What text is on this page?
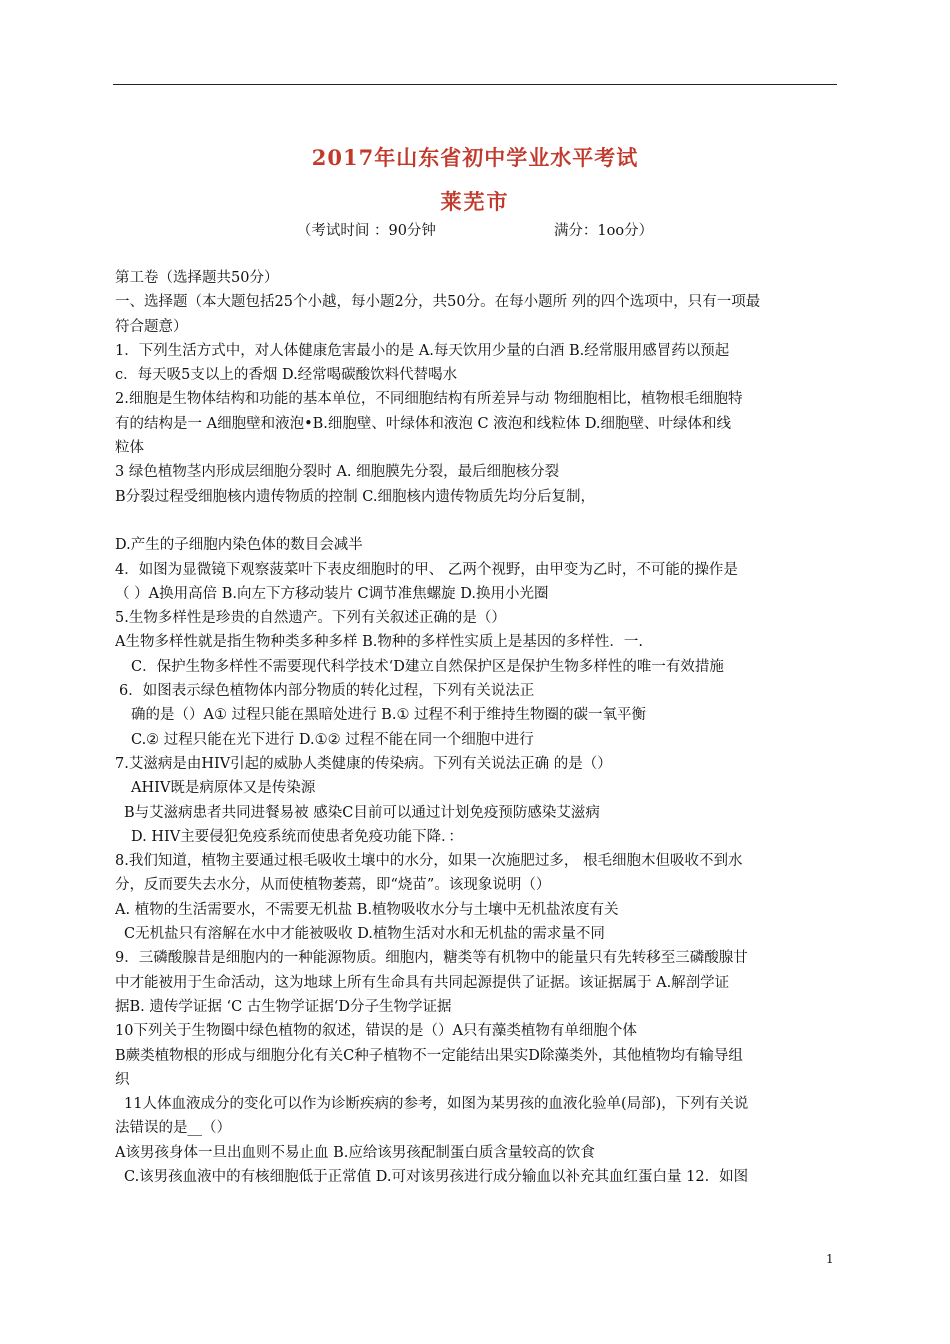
2017年山东省初中学业水平考试
莱芜市
（考试时间 ：90分钟	满分：1oo分）
第工卷（选择题共50分）
一、选择题（本大题包括25个小越，每小题2分，共50分。在每小题所 列的四个选项中，只有一项最
符合题意）
1．下列生活方式中，对人体健康危害最小的是 A.每天饮用少量的白酒 B.经常服用感冒药以预起
c．每天吸5支以上的香烟 D.经常喝碳酸饮料代替喝水
2.细胞是生物体结构和功能的基本单位，不同细胞结构有所差异与动 物细胞相比，植物根毛细胞特
有的结构是一 A细胞壁和液泡•B.细胞壁、叶绿体和液泡 C 液泡和线粒体 D.细胞壁、叶绿体和线
粒体
3 绿色植物茎内形成层细胞分裂时 A. 细胞膜先分裂，最后细胞核分裂
B分裂过程受细胞核内遗传物质的控制 C.细胞核内遗传物质先均分后复制，
D.产生的子细胞内染色体的数目会减半
4．如图为显微镜下观察菠菜叶下表皮细胞时的甲、 乙两个视野，由甲变为乙时，不可能的操作是
（ ）A换用高倍 B.向左下方移动装片 C调节准焦螺旋 D.换用小光圈
5.生物多样性是珍贵的自然遗产。下列有关叙述正确的是（）
A生物多样性就是指生物种类多种多样 B.物种的多样性实质上是基因的多样性．一.
C．保护生物多样性不需要现代科学技术‘D建立自然保护区是保护生物多样性的唯一有效措施
6．如图表示绿色植物体内部分物质的转化过程，下列有关说法正
确的是（）A① 过程只能在黑暗处进行 B.① 过程不利于维持生物圈的碳一氧平衡
C.② 过程只能在光下进行 D.①② 过程不能在同一个细胞中进行
7.艾滋病是由HIV引起的威胁人类健康的传染病。下列有关说法正确 的是（）
AHIV既是病原体又是传染源
B与艾滋病患者共同进餐易被 感染C目前可以通过计划免疫预防感染艾滋病
D. HIV主要侵犯免疫系统而使患者免疫功能下降．：
8.我们知道，植物主要通过根毛吸收土壤中的水分，如果一次施肥过多， 根毛细胞木但吸收不到水
分，反而要失去水分，从而使植物萎蔫，即“烧苗”。该现象说明（）
A. 植物的生活需要水，不需要无机盐 B.植物吸收水分与土壤中无机盐浓度有关
C无机盐只有溶解在水中才能被吸收 D.植物生活对水和无机盐的需求量不同
9．三磷酸腺昔是细胞内的一种能源物质。细胞内，糖类等有机物中的能量只有先转移至三磷酸腺甘
中才能被用于生命活动，这为地球上所有生命具有共同起源提供了证据。该证据属于 A.解剖学证
据B. 遗传学证据 ‘C 古生物学证据‘D分子生物学证据
10下列关于生物圈中绿色植物的叙述，错误的是（）A只有藻类植物有单细胞个体
B蕨类植物根的形成与细胞分化有关C种子植物不一定能结出果实D除藻类外，其他植物均有输导组
织
11人体血液成分的变化可以作为诊断疾病的参考，如图为某男孩的血液化验单(局部)，下列有关说
法错误的是__（）
A该男孩身体一旦出血则不易止血 B.应给该男孩配制蛋白质含量较高的饮食
C.该男孩血液中的有核细胞低于正常值 D.可对该男孩进行成分输血以补充其血红蛋白量 12．如图
1
